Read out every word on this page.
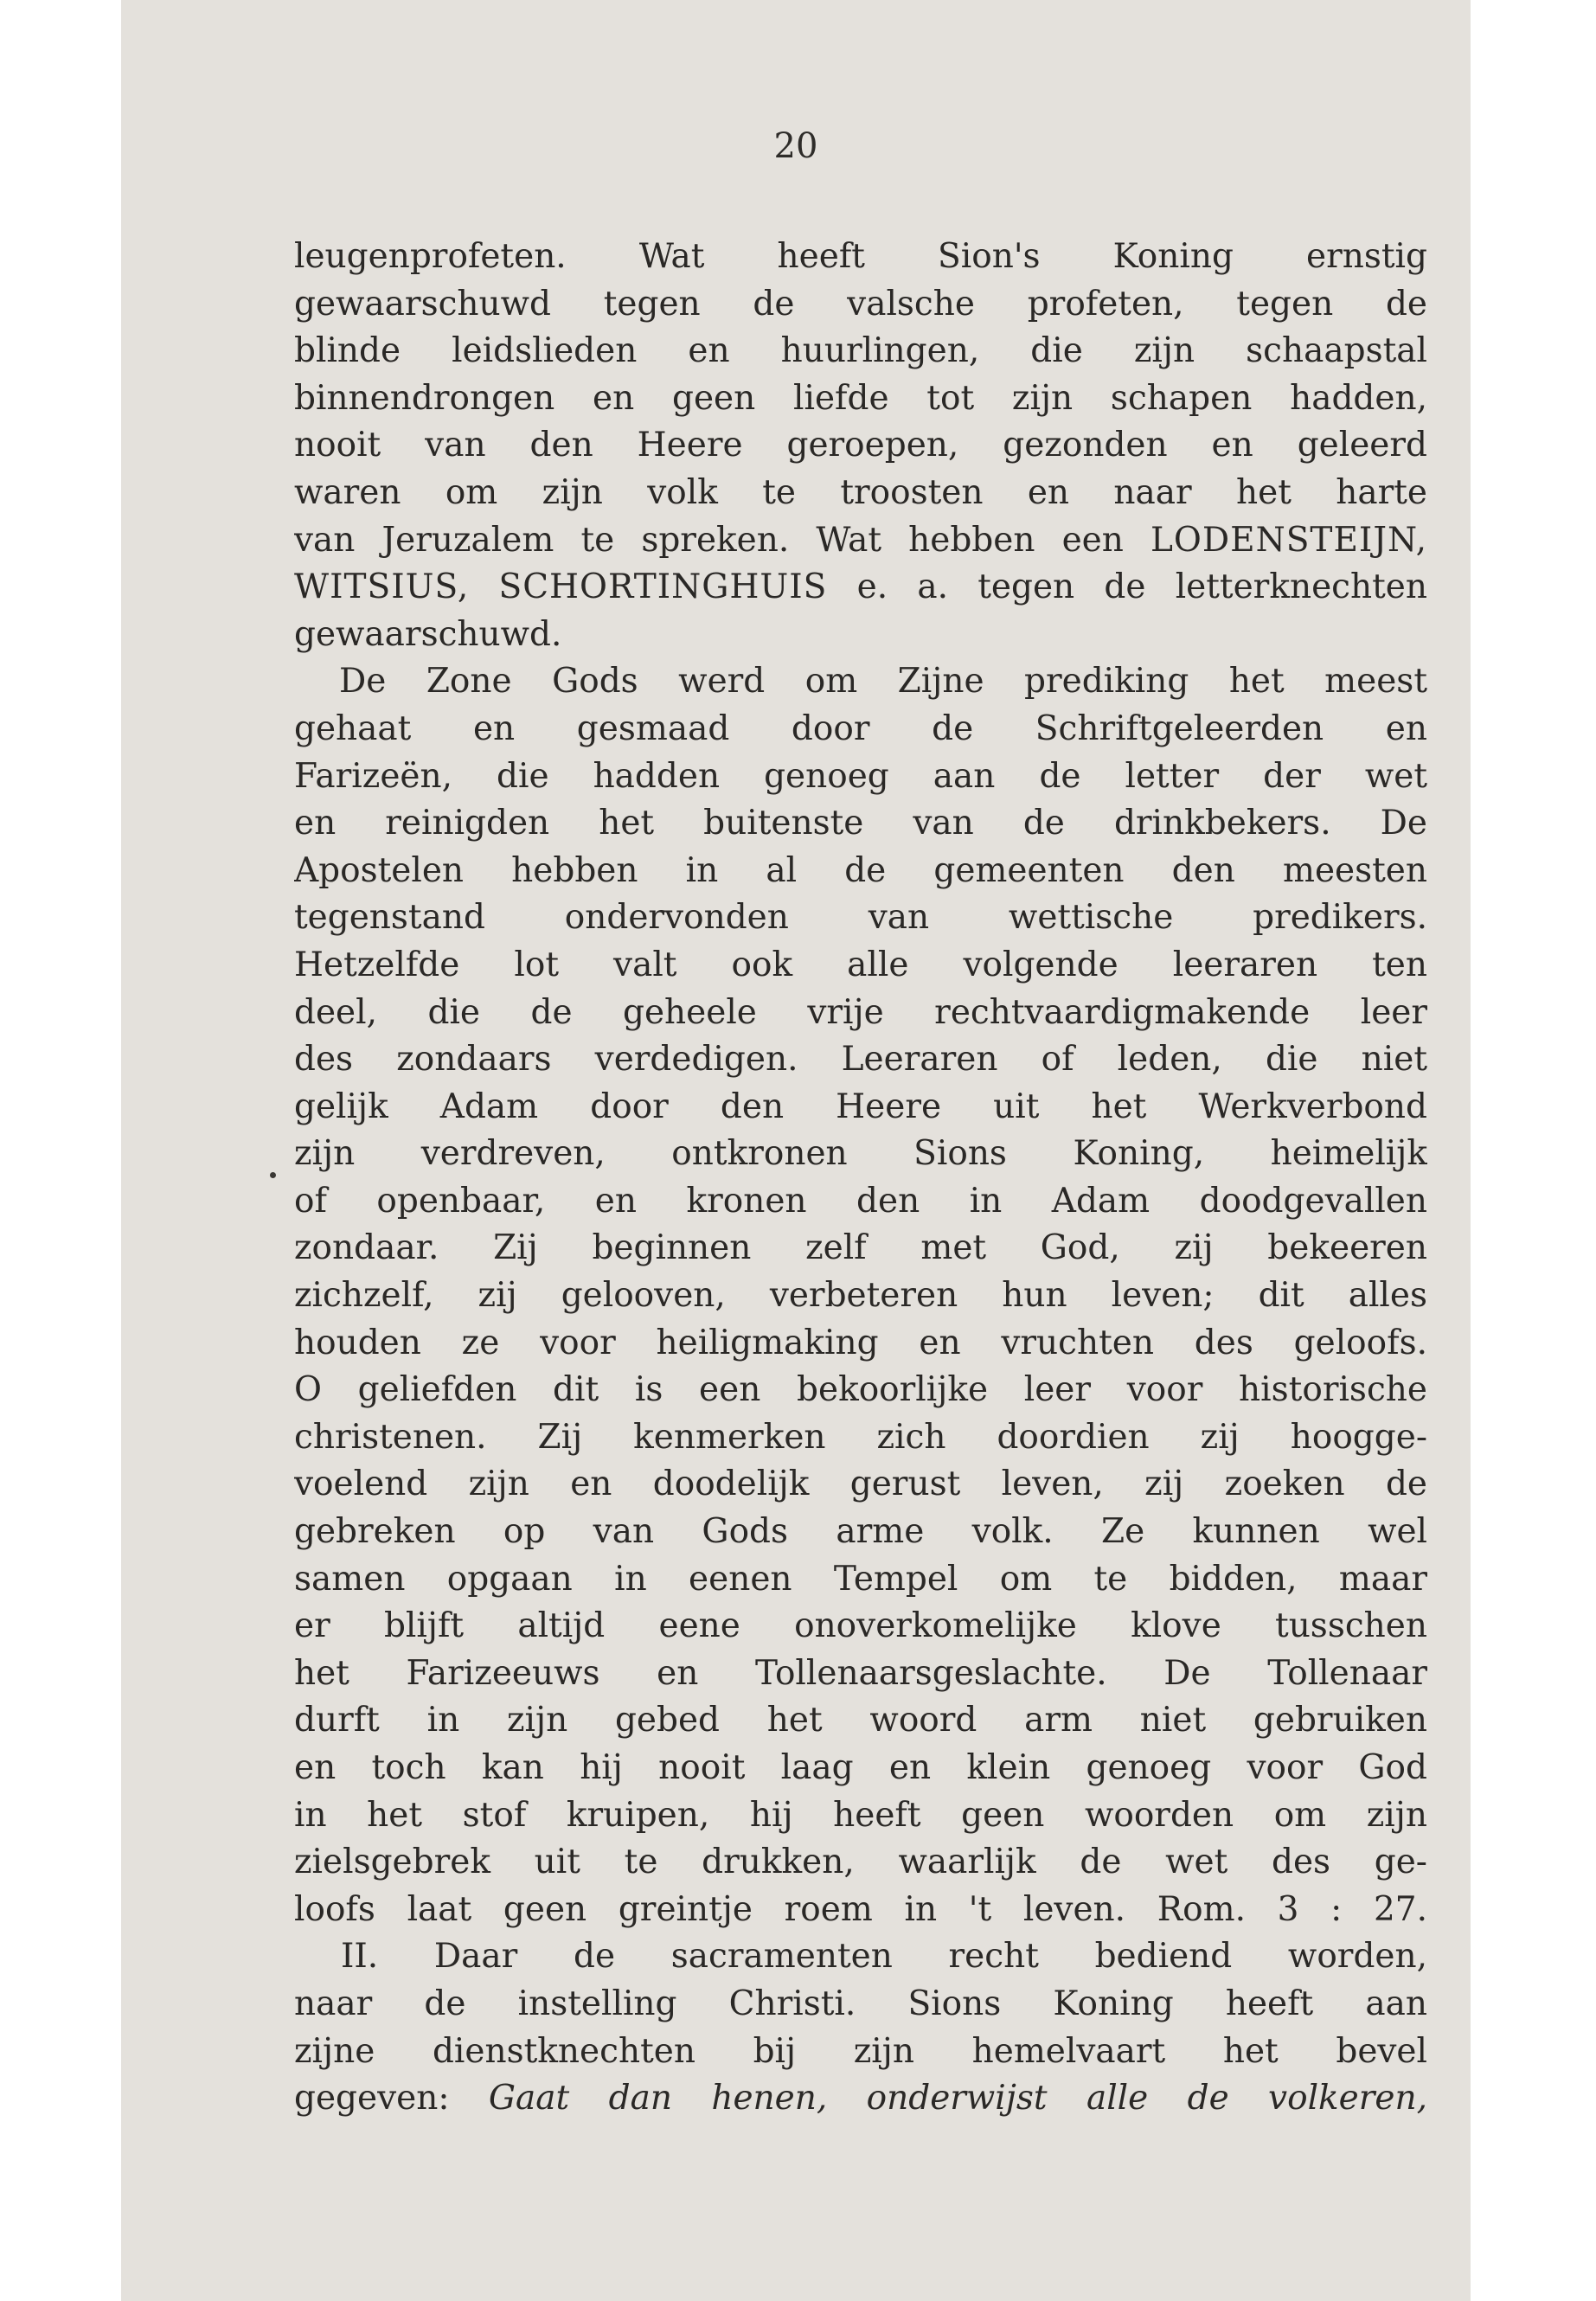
20
leugenprofeten. Wat heeft Sion's Koning ernstig
gewaarschuwd tegen de valsche profeten, tegen de
blinde leidslieden en huurlingen, die zijn schaapstal
binnendrongen en geen liefde tot zijn schapen hadden,
nooit van den Heere geroepen, gezonden en geleerd
waren om zijn volk te troosten en naar het harte
van Jeruzalem te spreken. Wat hebben een LODENSTEIJN,
WITSIUS, SCHORTINGHUIS e. a. tegen de letterknechten
gewaarschuwd.
De Zone Gods werd om Zijne prediking het meest
gehaat en gesmaad door de Schriftgeleerden en
Farizeën, die hadden genoeg aan de letter der wet
en reinigden het buitenste van de drinkbekers. De
Apostelen hebben in al de gemeenten den meesten
tegenstand ondervonden van wettische predikers.
Hetzelfde lot valt ook alle volgende leeraren ten
deel, die de geheele vrije rechtvaardigmakende leer
des zondaars verdedigen. Leeraren of leden, die niet
gelijk Adam door den Heere uit het Werkverbond
zijn verdreven, ontkronen Sions Koning, heimelijk
of openbaar, en kronen den in Adam doodgevallen
zondaar. Zij beginnen zelf met God, zij bekeeren
zichzelf, zij gelooven, verbeteren hun leven; dit alles
houden ze voor heiligmaking en vruchten des geloofs.
O geliefden dit is een bekoorlijke leer voor historische
christenen. Zij kenmerken zich doordien zij hoogge-
voelend zijn en doodelijk gerust leven, zij zoeken de
gebreken op van Gods arme volk. Ze kunnen wel
samen opgaan in eenen Tempel om te bidden, maar
er blijft altijd eene onoverkomelijke klove tusschen
het Farizeeuws en Tollenaarsgeslachte. De Tollenaar
durft in zijn gebed het woord arm niet gebruiken
en toch kan hij nooit laag en klein genoeg voor God
in het stof kruipen, hij heeft geen woorden om zijn
zielsgebrek uit te drukken, waarlijk de wet des ge-
loofs laat geen greintje roem in 't leven. Rom. 3 : 27.
II. Daar de sacramenten recht bediend worden,
naar de instelling Christi. Sions Koning heeft aan
zijne dienstknechten bij zijn hemelvaart het bevel
gegeven: Gaat dan henen, onderwijst alle de volkeren,
